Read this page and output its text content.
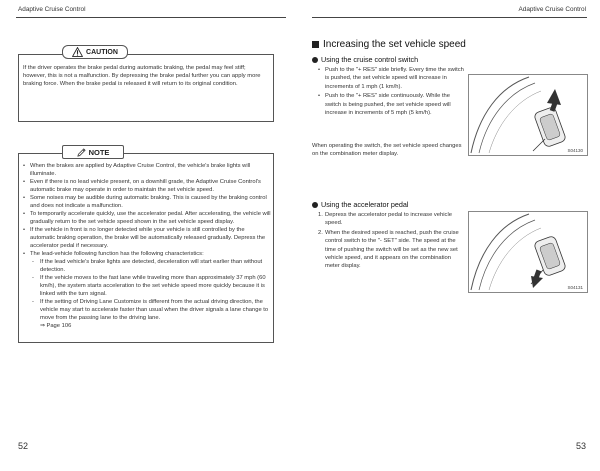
Adaptive Cruise Control	Adaptive Cruise Control
If the driver operates the brake pedal during automatic braking, the pedal may feel stiff; however, this is not a malfunction. By depressing the brake pedal further you can apply more braking force. When the brake pedal is released it will return to its original condition.
CAUTION
• When the brakes are applied by Adaptive Cruise Control, the vehicle's brake lights will illuminate.
• Even if there is no lead vehicle present, on a downhill grade, the Adaptive Cruise Control's automatic brake may operate in order to maintain the set vehicle speed.
• Some noises may be audible during automatic braking. This is caused by the braking control and does not indicate a malfunction.
• To temporarily accelerate quickly, use the accelerator pedal. After accelerating, the vehicle will gradually return to the set vehicle speed shown in the set vehicle speed display.
• If the vehicle in front is no longer detected while your vehicle is still controlled by the automatic braking operation, the brake will be automatically released gradually. Depress the accelerator pedal if necessary.
• The lead-vehicle following function has the following characteristics:
- If the lead vehicle's brake lights are detected, deceleration will start earlier than without detection.
- If the vehicle moves to the fast lane while traveling more than approximately 37 mph (60 km/h), the system starts acceleration to the set vehicle speed more quickly because it is linked with the turn signal.
- If the setting of Driving Lane Customize is different from the actual driving direction, the vehicle may start to accelerate faster than usual when the driver signals a lane change to move from the passing lane to the driving lane.
⇒ Page 106
NOTE
52
Increasing the set vehicle speed
Using the cruise control switch
• Push to the "+ RES" side briefly. Every time the switch is pushed, the set vehicle speed will increase in increments of 1 mph (1 km/h).
• Push to the "+ RES" side continuously. While the switch is being pushed, the set vehicle speed will increase in increments of 5 mph (5 km/h).
When operating the switch, the set vehicle speed changes on the combination meter display.
S04130
Using the accelerator pedal
1. Depress the accelerator pedal to increase vehicle speed.
2. When the desired speed is reached, push the cruise control switch to the "- SET" side. The speed at the time of pushing the switch will be set as the new set vehicle speed, and it appears on the combination meter display.
S04131
53
